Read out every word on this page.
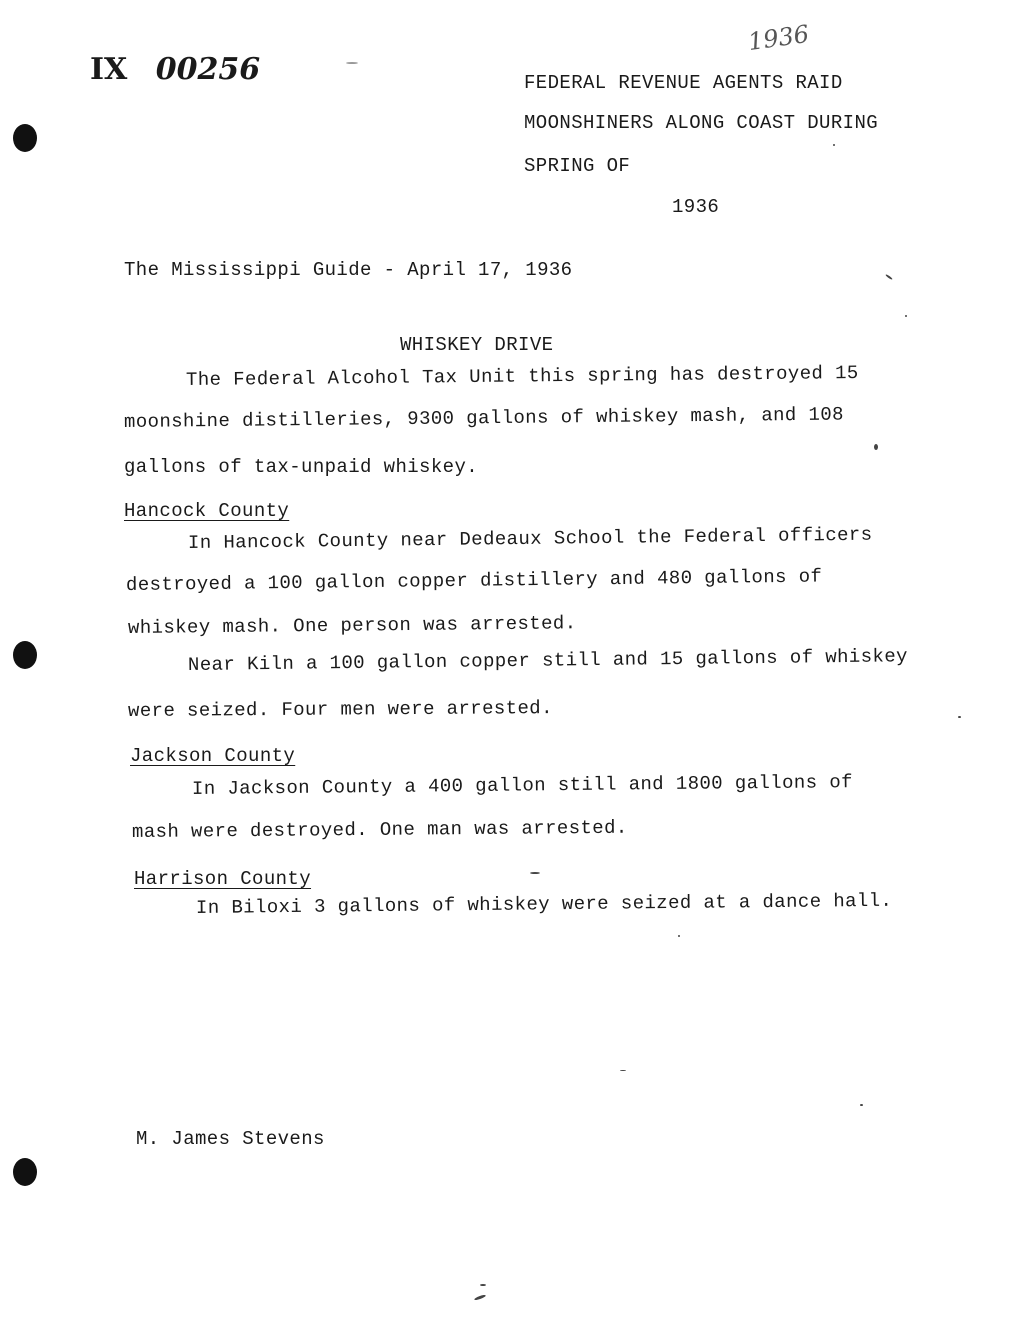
IX 00256
1936
FEDERAL REVENUE AGENTS RAID
MOONSHINERS ALONG COAST DURING
SPRING OF
1936
The Mississippi Guide - April 17, 1936
WHISKEY DRIVE
The Federal Alcohol Tax Unit this spring has destroyed 15
moonshine distilleries, 9300 gallons of whiskey mash, and 108
gallons of tax-unpaid whiskey.
Hancock County
In Hancock County near Dedeaux School the Federal officers
destroyed a 100 gallon copper distillery and 480 gallons of
whiskey mash. One person was arrested.
Near Kiln a 100 gallon copper still and 15 gallons of whiskey
were seized. Four men were arrested.
Jackson County
In Jackson County a 400 gallon still and 1800 gallons of
mash were destroyed. One man was arrested.
Harrison County
In Biloxi 3 gallons of whiskey were seized at a dance hall.
M. James Stevens
